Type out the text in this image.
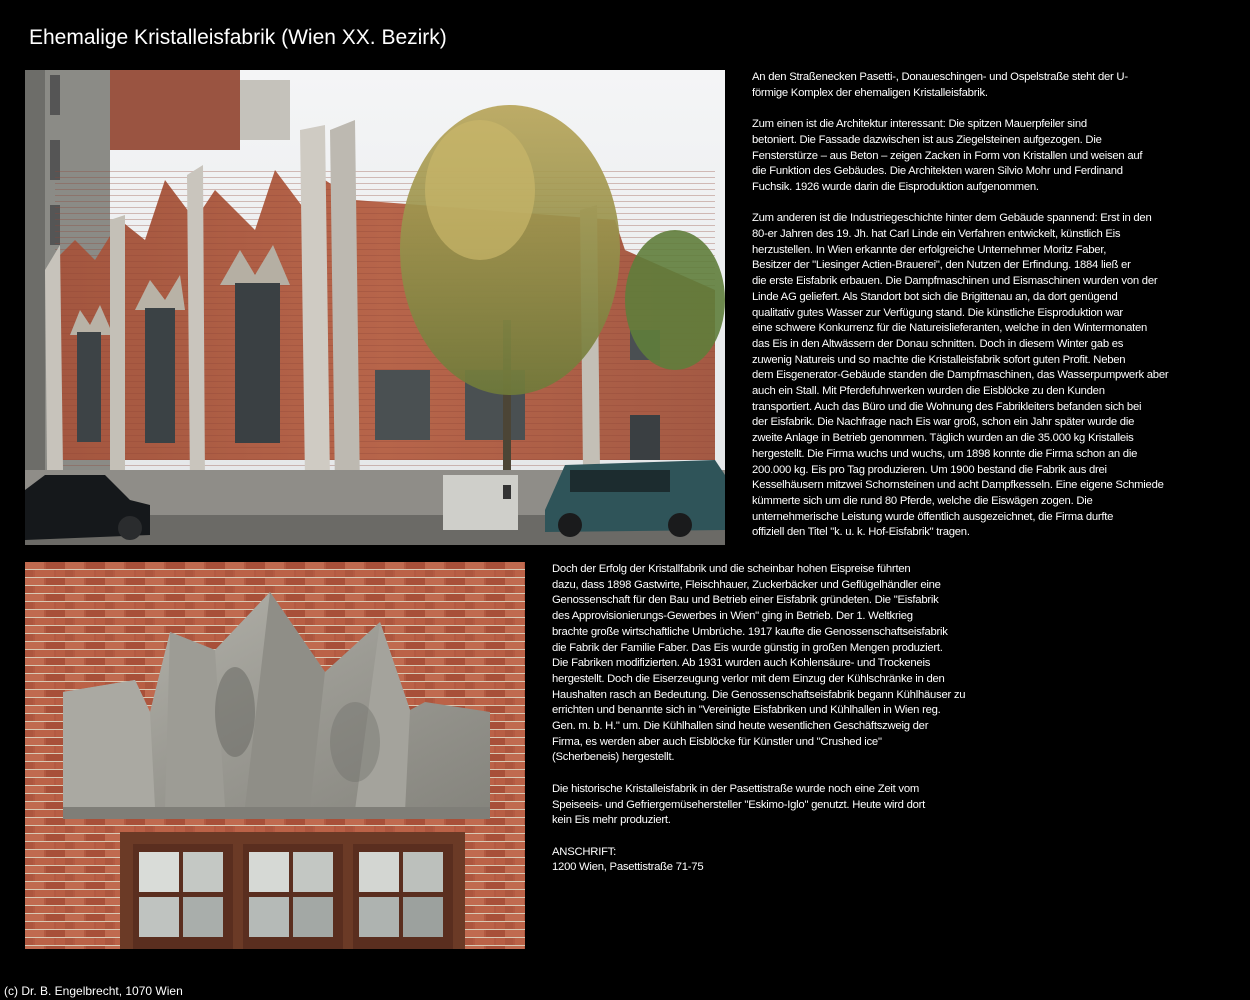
Ehemalige Kristalleisfabrik (Wien XX. Bezirk)

An den Straßenecken Pasetti-, Donaueschingen- und Ospelstraße steht der U-
förmige Komplex der ehemaligen Kristalleisfabrik.

Zum einen ist die Architektur interessant: Die spitzen Mauerpfeiler sind
betoniert. Die Fassade dazwischen ist aus Ziegelsteinen aufgezogen. Die
Fensterstürze – aus Beton – zeigen Zacken in Form von Kristallen und weisen auf
die Funktion des Gebäudes. Die Architekten waren Silvio Mohr und Ferdinand
Fuchsik. 1926 wurde darin die Eisproduktion aufgenommen.

Zum anderen ist die Industriegeschichte hinter dem Gebäude spannend: Erst in den
80-er Jahren des 19. Jh. hat Carl Linde ein Verfahren entwickelt, künstlich Eis
herzustellen. In Wien erkannte der erfolgreiche Unternehmer Moritz Faber,
Besitzer der "Liesinger Actien-Brauerei", den Nutzen der Erfindung. 1884 ließ er
die erste Eisfabrik erbauen. Die Dampfmaschinen und Eismaschinen wurden von der
Linde AG geliefert. Als Standort bot sich die Brigittenau an, da dort genügend
qualitativ gutes Wasser zur Verfügung stand. Die künstliche Eisproduktion war
eine schwere Konkurrenz für die Natureislieferanten, welche in den Wintermonaten
das Eis in den Altwässern der Donau schnitten. Doch in diesem Winter gab es
zuwenig Natureis und so machte die Kristalleisfabrik sofort guten Profit. Neben
dem Eisgenerator-Gebäude standen die Dampfmaschinen, das Wasserpumpwerk aber
auch ein Stall. Mit Pferdefuhrwerken wurden die Eisblöcke zu den Kunden
transportiert. Auch das Büro und die Wohnung des Fabrikleiters befanden sich bei
der Eisfabrik. Die Nachfrage nach Eis war groß, schon ein Jahr später wurde die
zweite Anlage in Betrieb genommen. Täglich wurden an die 35.000 kg Kristalleis
hergestellt. Die Firma wuchs und wuchs, um 1898 konnte die Firma schon an die
200.000 kg. Eis pro Tag produzieren. Um 1900 bestand die Fabrik aus drei
Kesselhäusern mitzwei Schornsteinen und acht Dampfkesseln. Eine eigene Schmiede
kümmerte sich um die rund 80 Pferde, welche die Eiswägen zogen. Die
unternehmerische Leistung wurde öffentlich ausgezeichnet, die Firma durfte
offiziell den Titel "k. u. k. Hof-Eisfabrik" tragen.

Doch der Erfolg der Kristallfabrik und die scheinbar hohen Eispreise führten
dazu, dass 1898 Gastwirte, Fleischhauer, Zuckerbäcker und Geflügelhändler eine
Genossenschaft für den Bau und Betrieb einer Eisfabrik gründeten. Die "Eisfabrik
des Approvisionierungs-Gewerbes in Wien" ging in Betrieb. Der 1. Weltkrieg
brachte große wirtschaftliche Umbrüche. 1917 kaufte die Genossenschaftseisfabrik
die Fabrik der Familie Faber. Das Eis wurde günstig in großen Mengen produziert.
Die Fabriken modifizierten. Ab 1931 wurden auch Kohlensäure- und Trockeneis
hergestellt. Doch die Eiserzeugung verlor mit dem Einzug der Kühlschränke in den
Haushalten rasch an Bedeutung. Die Genossenschaftseisfabrik begann Kühlhäuser zu
errichten und benannte sich in "Vereinigte Eisfabriken und Kühlhallen in Wien reg.
Gen. m. b. H." um. Die Kühlhallen sind heute wesentlichen Geschäftszweig der
Firma, es werden aber auch Eisblöcke für Künstler und "Crushed ice"
(Scherbeneis) hergestellt.

Die historische Kristalleisfabrik in der Pasettistraße wurde noch eine Zeit vom
Speiseeis- und Gefriergemüsehersteller "Eskimo-Iglo" genutzt. Heute wird dort
kein Eis mehr produziert.

ANSCHRIFT:
1200 Wien, Pasettistraße 71-75

(c) Dr. B. Engelbrecht, 1070 Wien
